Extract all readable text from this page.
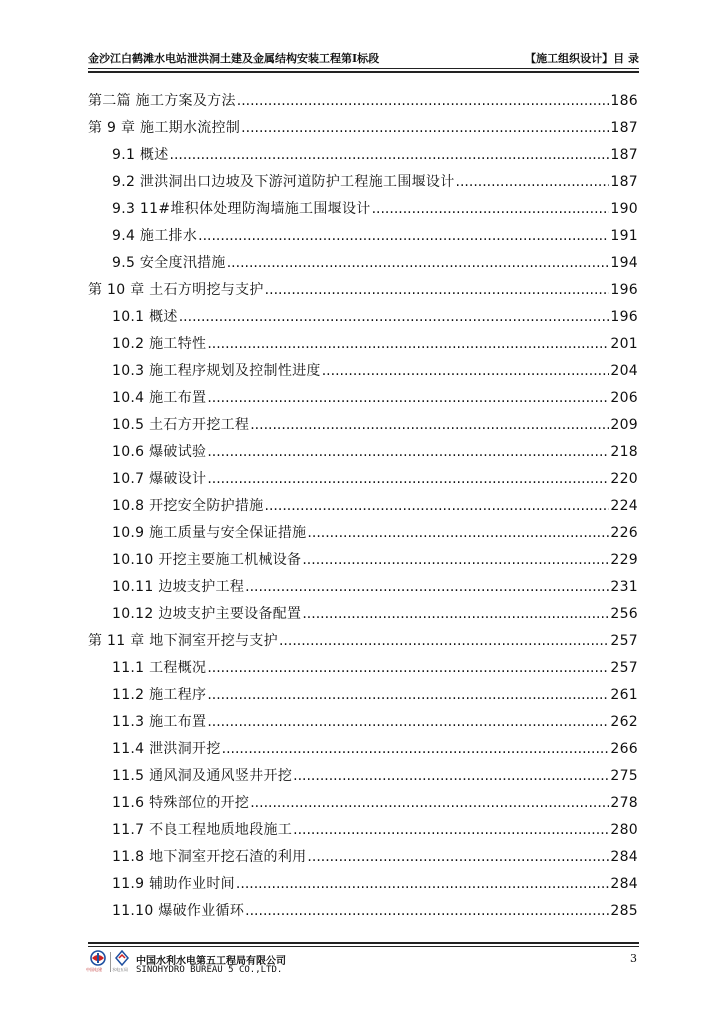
金沙江白鹤滩水电站泄洪洞土建及金属结构安装工程第Ⅰ标段	【施工组织设计】目 录
第二篇 施工方案及方法 .....	186
第 9 章 施工期水流控制 .....	187
9.1 概述 .....	187
9.2 泄洪洞出口边坡及下游河道防护工程施工围堰设计 .....	187
9.3 11#堆积体处理防淘墙施工围堰设计 .....	190
9.4 施工排水 .....	191
9.5 安全度汛措施 .....	194
第 10 章 土石方明挖与支护 .....	196
10.1 概述 .....	196
10.2 施工特性 .....	201
10.3 施工程序规划及控制性进度 .....	204
10.4 施工布置 .....	206
10.5 土石方开挖工程 .....	209
10.6 爆破试验 .....	218
10.7 爆破设计 .....	220
10.8 开挖安全防护措施 .....	224
10.9 施工质量与安全保证措施 .....	226
10.10 开挖主要施工机械设备 .....	229
10.11 边坡支护工程 .....	231
10.12 边坡支护主要设备配置 .....	256
第 11 章 地下洞室开挖与支护 .....	257
11.1 工程概况 .....	257
11.2 施工程序 .....	261
11.3 施工布置 .....	262
11.4 泄洪洞开挖 .....	266
11.5 通风洞及通风竖井开挖 .....	275
11.6 特殊部位的开挖 .....	278
11.7 不良工程地质地段施工 .....	280
11.8 地下洞室开挖石渣的利用 .....	284
11.9 辅助作业时间 .....	284
11.10 爆破作业循环 .....	285
中国电建	水电五局
中国水利水电第五工程局有限公司
SINOHYDRO BUREAU 5 CO.,LTD.
3
